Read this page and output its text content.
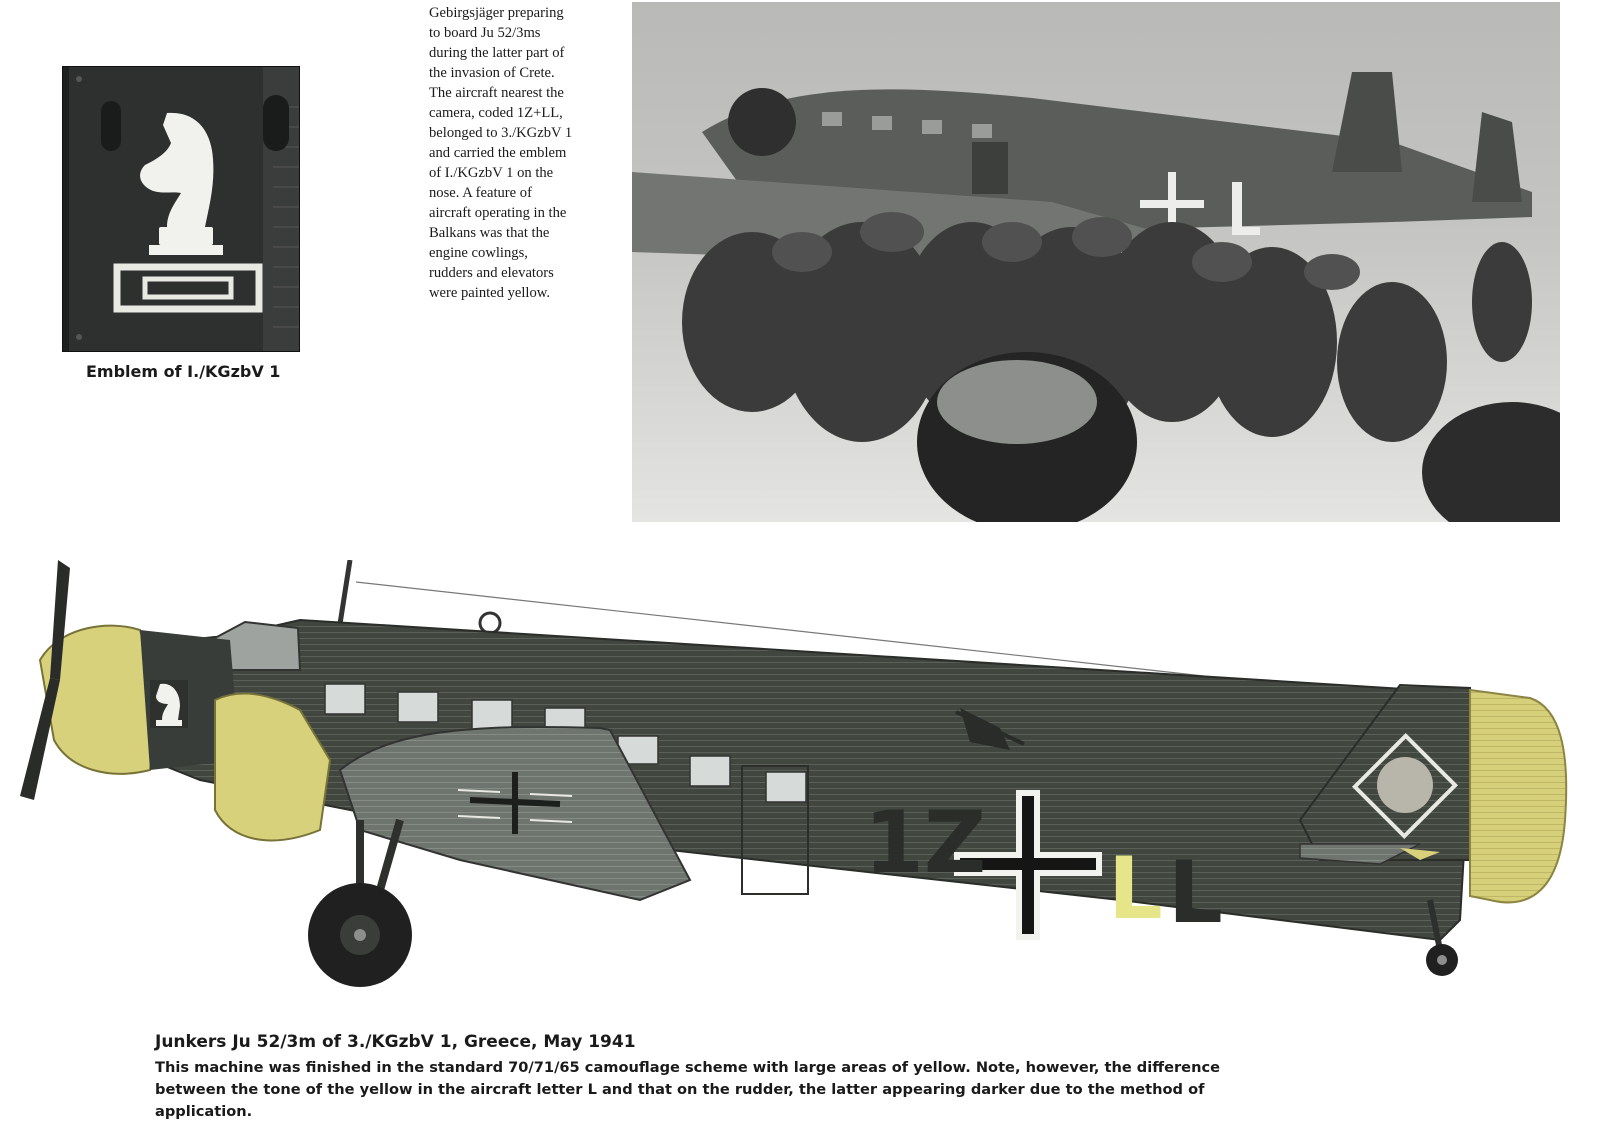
Emblem of I./KGzbV 1

Gebirgsjäger preparing

to board Ju 52/3ms

during the latter part of

the invasion of Crete.

The aircraft nearest the

camera, coded 1Z+LL,

belonged to 3./KGzbV 1

and carried the emblem

of I./KGzbV 1 on the

nose. A feature of

aircraft operating in the

Balkans was that the

engine cowlings,

rudders and elevators

were painted yellow.

1Z L L
Junkers Ju 52/3m of 3./KGzbV 1, Greece, May 1941
This machine was finished in the standard 70/71/65 camouflage scheme with large areas of yellow. Note, however, the difference between the tone of the yellow in the aircraft letter L and that on the rudder, the latter appearing darker due to the method of application.
